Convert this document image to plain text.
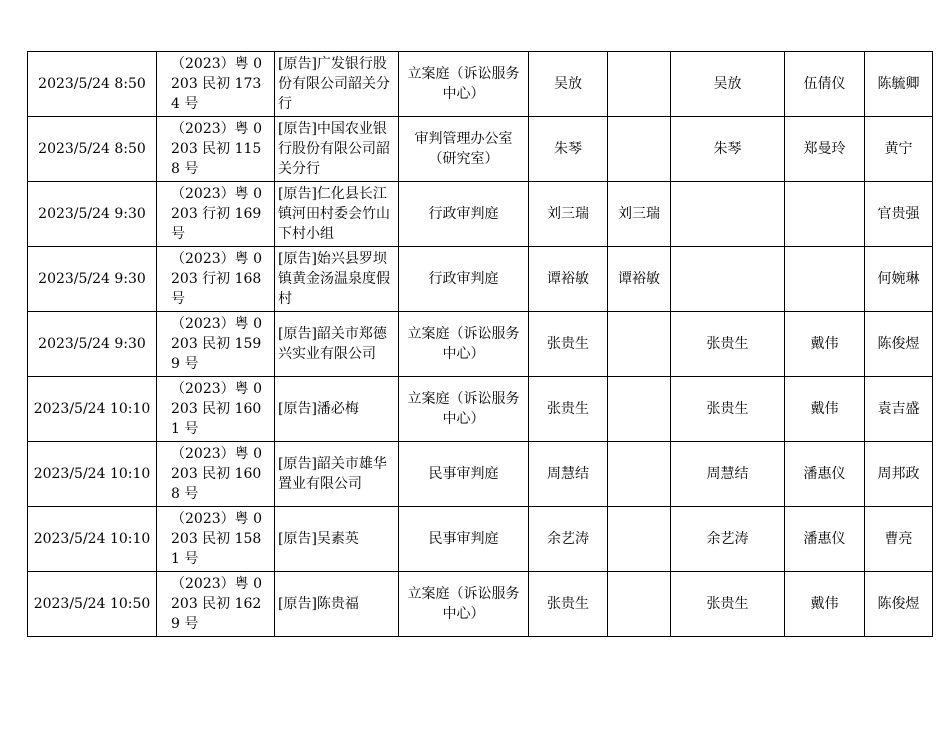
2023/5/24 8:50	（2023）粤 0203 民初 1734 号	[原告]广发银行股份有限公司韶关分行	立案庭（诉讼服务中心）	吴放		吴放	伍倩仪	陈毓卿
2023/5/24 8:50	（2023）粤 0203 民初 1158 号	[原告]中国农业银行股份有限公司韶关分行	审判管理办公室（研究室）	朱琴		朱琴	郑曼玲	黄宁
2023/5/24 9:30	（2023）粤 0203 行初 169 号	[原告]仁化县长江镇河田村委会竹山下村小组	行政审判庭	刘三瑞	刘三瑞			官贵强
2023/5/24 9:30	（2023）粤 0203 行初 168 号	[原告]始兴县罗坝镇黄金汤温泉度假村	行政审判庭	谭裕敏	谭裕敏			何婉琳
2023/5/24 9:30	（2023）粤 0203 民初 1599 号	[原告]韶关市郑德兴实业有限公司	立案庭（诉讼服务中心）	张贵生		张贵生	戴伟	陈俊煜
2023/5/24 10:10	（2023）粤 0203 民初 1601 号	[原告]潘必梅	立案庭（诉讼服务中心）	张贵生		张贵生	戴伟	袁吉盛
2023/5/24 10:10	（2023）粤 0203 民初 1608 号	[原告]韶关市雄华置业有限公司	民事审判庭	周慧结		周慧结	潘惠仪	周邦政
2023/5/24 10:10	（2023）粤 0203 民初 1581 号	[原告]吴素英	民事审判庭	余艺涛		余艺涛	潘惠仪	曹亮
2023/5/24 10:50	（2023）粤 0203 民初 1629 号	[原告]陈贵福	立案庭（诉讼服务中心）	张贵生		张贵生	戴伟	陈俊煜
